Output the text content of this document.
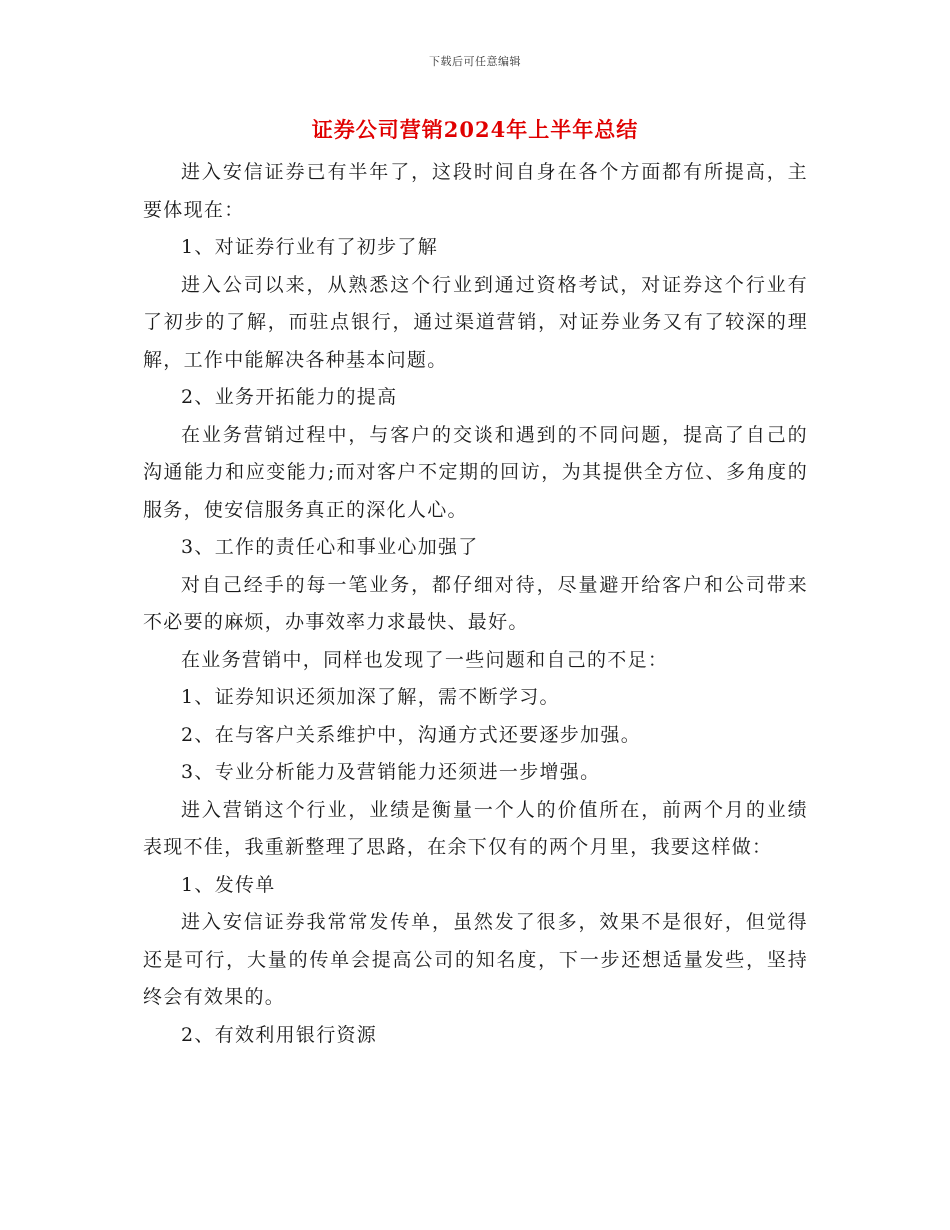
下载后可任意编辑
证券公司营销2024年上半年总结

进入安信证券已有半年了，这段时间自身在各个方面都有所提高，主要体现在：

1、对证券行业有了初步了解

进入公司以来，从熟悉这个行业到通过资格考试，对证券这个行业有了初步的了解，而驻点银行，通过渠道营销，对证券业务又有了较深的理解，工作中能解决各种基本问题。

2、业务开拓能力的提高

在业务营销过程中，与客户的交谈和遇到的不同问题，提高了自己的沟通能力和应变能力;而对客户不定期的回访，为其提供全方位、多角度的服务，使安信服务真正的深化人心。

3、工作的责任心和事业心加强了

对自己经手的每一笔业务，都仔细对待，尽量避开给客户和公司带来不必要的麻烦，办事效率力求最快、最好。

在业务营销中，同样也发现了一些问题和自己的不足：

1、证券知识还须加深了解，需不断学习。

2、在与客户关系维护中，沟通方式还要逐步加强。

3、专业分析能力及营销能力还须进一步增强。

进入营销这个行业，业绩是衡量一个人的价值所在，前两个月的业绩表现不佳，我重新整理了思路，在余下仅有的两个月里，我要这样做：

1、发传单

进入安信证券我常常发传单，虽然发了很多，效果不是很好，但觉得还是可行，大量的传单会提高公司的知名度，下一步还想适量发些，坚持终会有效果的。

2、有效利用银行资源
